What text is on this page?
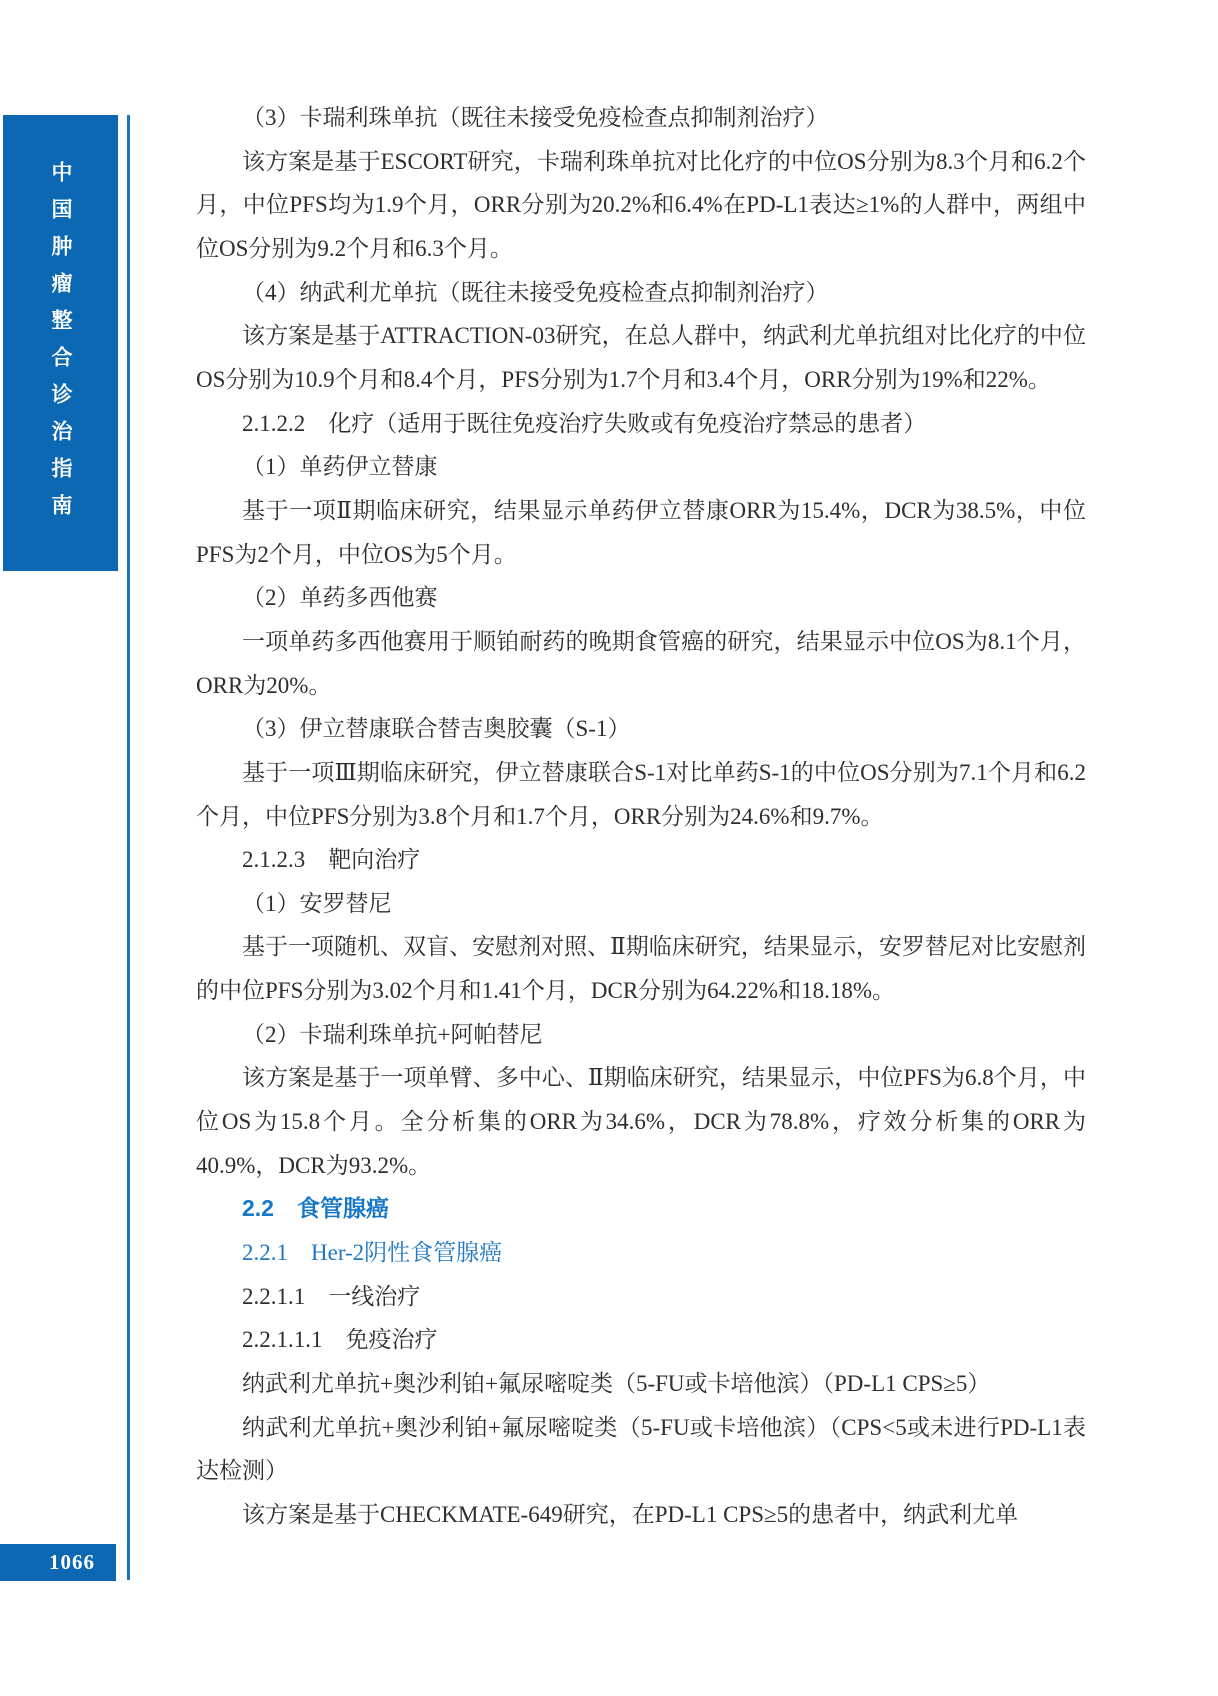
中国肿瘤整合诊治指南
1066

（3）卡瑞利珠单抗（既往未接受免疫检查点抑制剂治疗）

该方案是基于ESCORT研究，卡瑞利珠单抗对比化疗的中位OS分别为8.3个月和6.2个月，中位PFS均为1.9个月，ORR分别为20.2%和6.4%在PD-L1表达≥1%的人群中，两组中位OS分别为9.2个月和6.3个月。

（4）纳武利尤单抗（既往未接受免疫检查点抑制剂治疗）

该方案是基于ATTRACTION-03研究，在总人群中，纳武利尤单抗组对比化疗的中位OS分别为10.9个月和8.4个月，PFS分别为1.7个月和3.4个月，ORR分别为19%和22%。

2.1.2.2　化疗（适用于既往免疫治疗失败或有免疫治疗禁忌的患者）

（1）单药伊立替康

基于一项Ⅱ期临床研究，结果显示单药伊立替康ORR为15.4%，DCR为38.5%，中位PFS为2个月，中位OS为5个月。

（2）单药多西他赛

一项单药多西他赛用于顺铂耐药的晚期食管癌的研究，结果显示中位OS为8.1个月，ORR为20%。

（3）伊立替康联合替吉奥胶囊（S-1）

基于一项Ⅲ期临床研究，伊立替康联合S-1对比单药S-1的中位OS分别为7.1个月和6.2个月，中位PFS分别为3.8个月和1.7个月，ORR分别为24.6%和9.7%。

2.1.2.3　靶向治疗

（1）安罗替尼

基于一项随机、双盲、安慰剂对照、Ⅱ期临床研究，结果显示，安罗替尼对比安慰剂的中位PFS分别为3.02个月和1.41个月，DCR分别为64.22%和18.18%。

（2）卡瑞利珠单抗+阿帕替尼

该方案是基于一项单臂、多中心、Ⅱ期临床研究，结果显示，中位PFS为6.8个月，中位OS为15.8个月。全分析集的ORR为34.6%，DCR为78.8%，疗效分析集的ORR为40.9%，DCR为93.2%。

2.2　食管腺癌

2.2.1　Her-2阴性食管腺癌

2.2.1.1　一线治疗

2.2.1.1.1　免疫治疗

纳武利尤单抗+奥沙利铂+氟尿嘧啶类（5-FU或卡培他滨）（PD-L1 CPS≥5）

纳武利尤单抗+奥沙利铂+氟尿嘧啶类（5-FU或卡培他滨）（CPS<5或未进行PD-L1表达检测）

该方案是基于CHECKMATE-649研究，在PD-L1 CPS≥5的患者中，纳武利尤单
